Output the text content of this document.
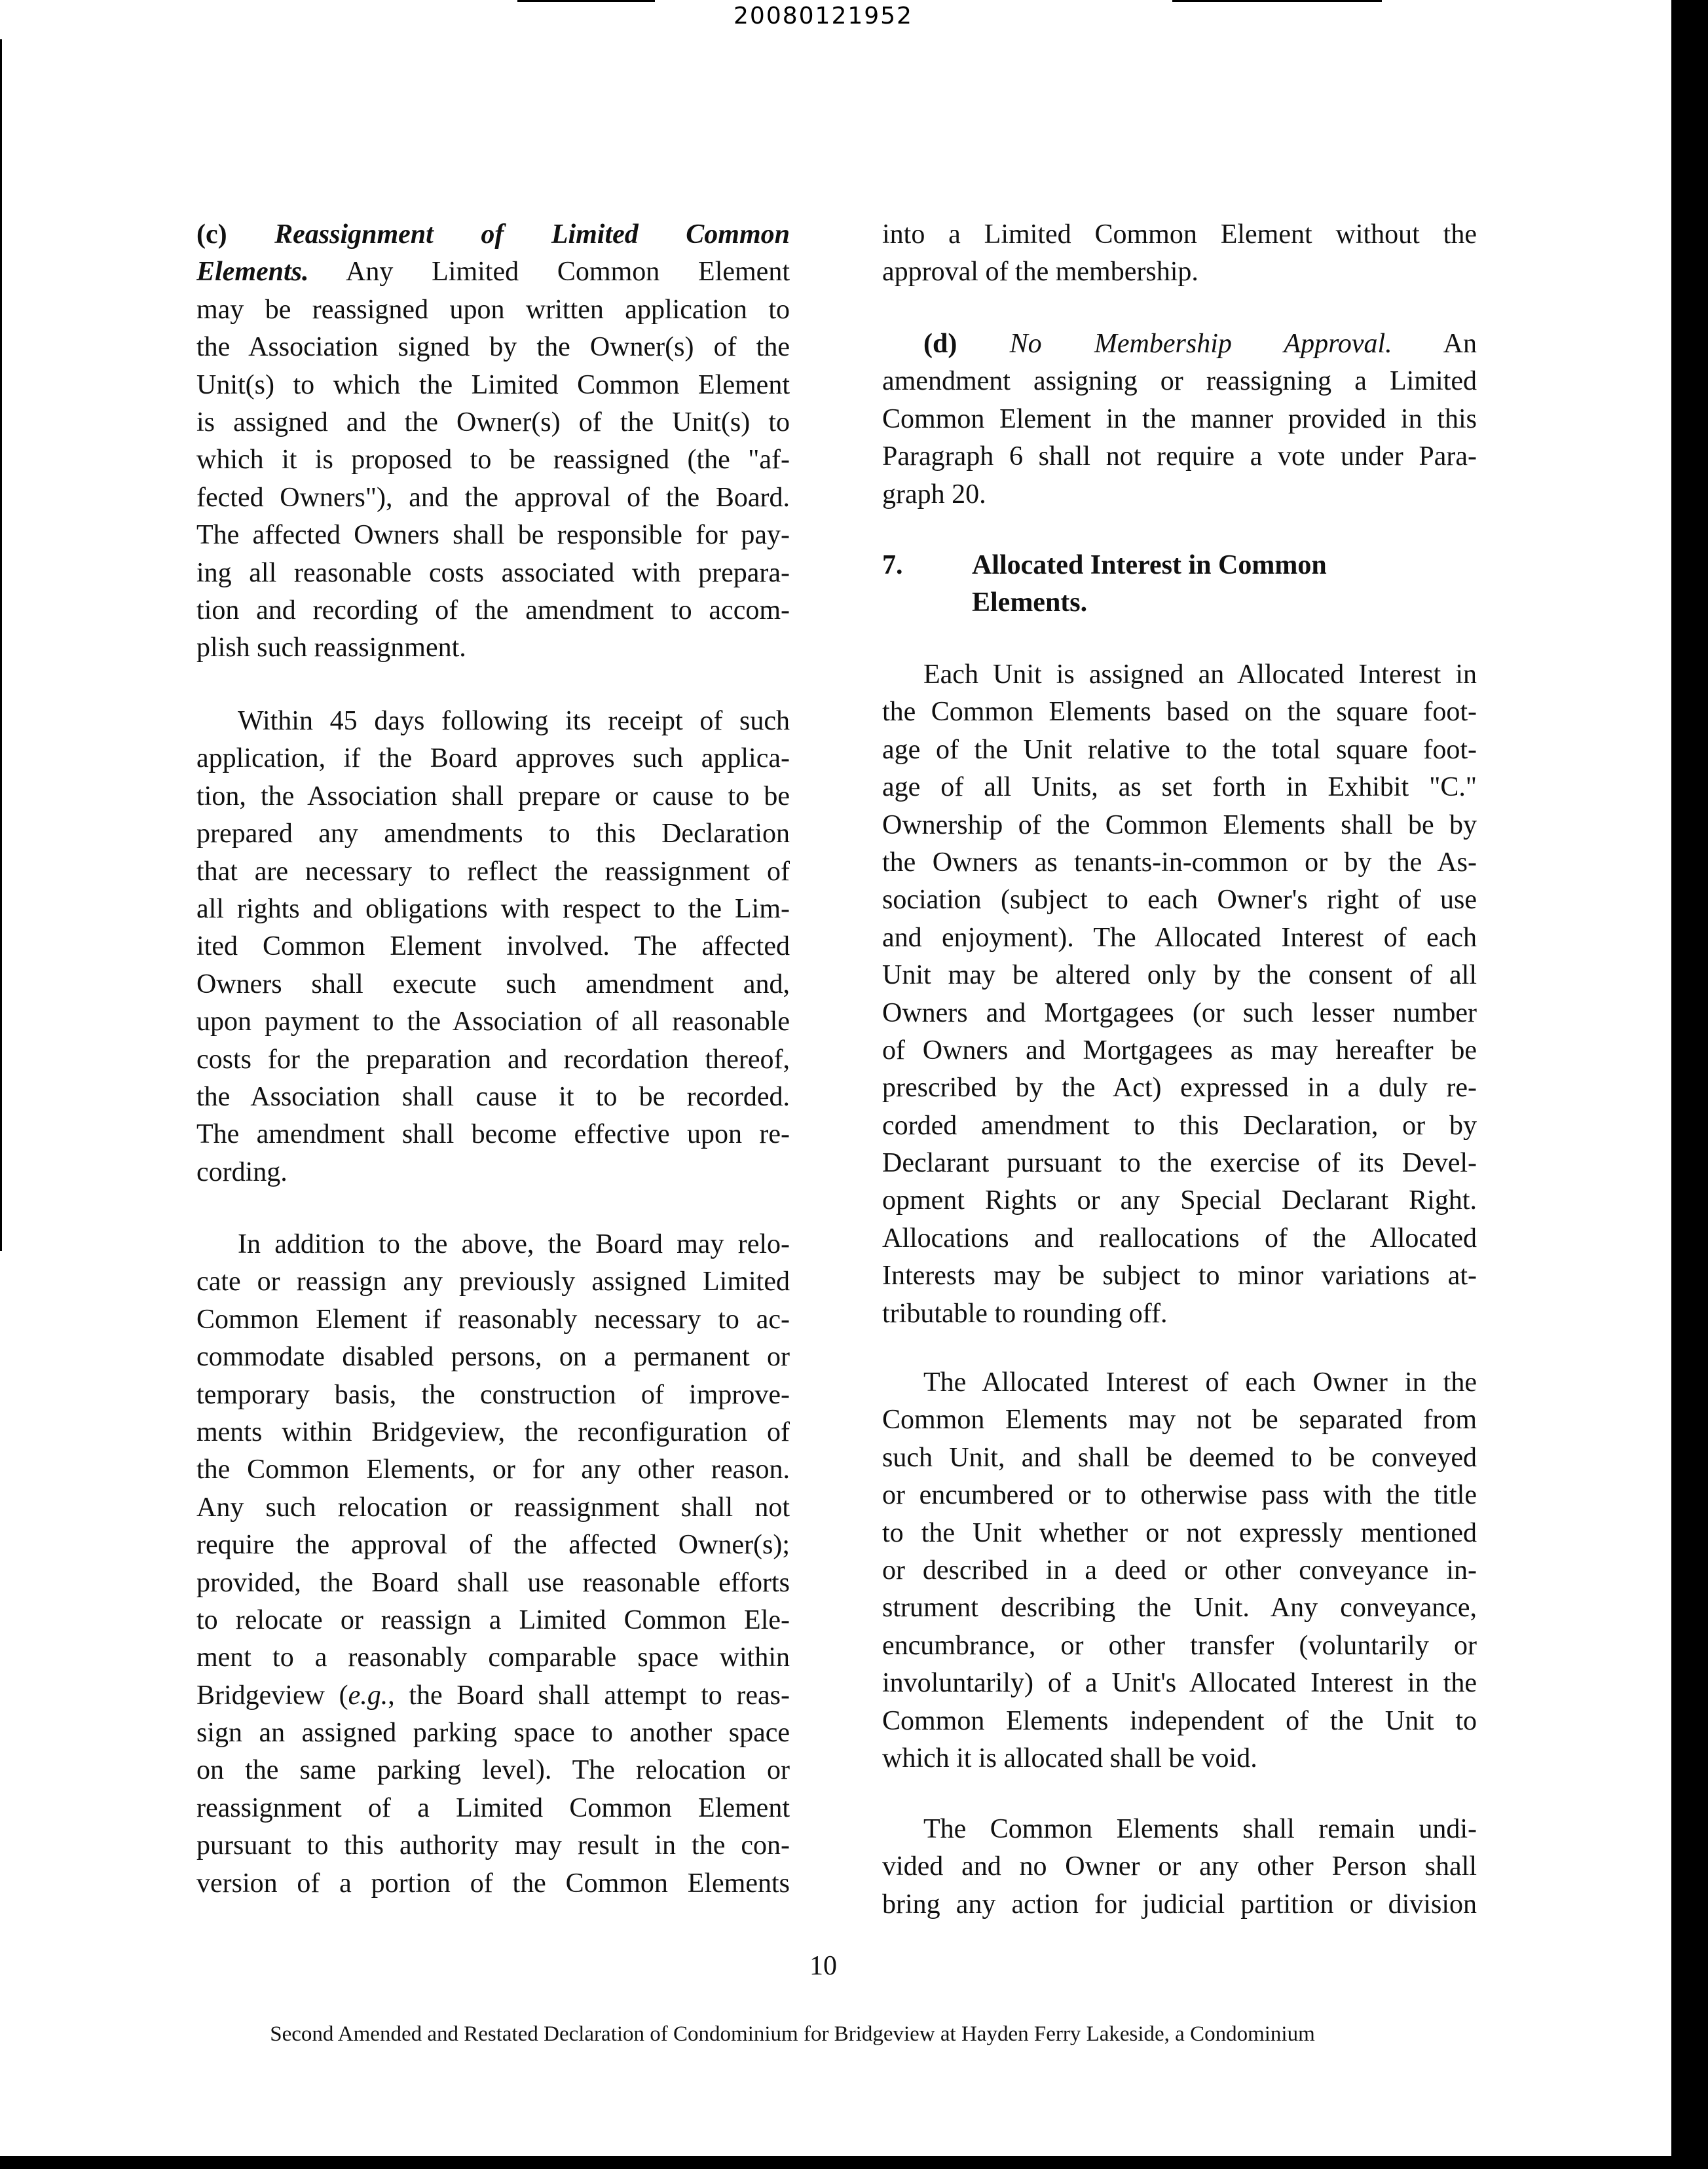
20080121952
(c) Reassignment of Limited Common
Elements. Any Limited Common Element
may be reassigned upon written application to
the Association signed by the Owner(s) of the
Unit(s) to which the Limited Common Element
is assigned and the Owner(s) of the Unit(s) to
which it is proposed to be reassigned (the "af-
fected Owners"), and the approval of the Board.
The affected Owners shall be responsible for pay-
ing all reasonable costs associated with prepara-
tion and recording of the amendment to accom-
plish such reassignment.
Within 45 days following its receipt of such
application, if the Board approves such applica-
tion, the Association shall prepare or cause to be
prepared any amendments to this Declaration
that are necessary to reflect the reassignment of
all rights and obligations with respect to the Lim-
ited Common Element involved. The affected
Owners shall execute such amendment and,
upon payment to the Association of all reasonable
costs for the preparation and recordation thereof,
the Association shall cause it to be recorded.
The amendment shall become effective upon re-
cording.
In addition to the above, the Board may relo-
cate or reassign any previously assigned Limited
Common Element if reasonably necessary to ac-
commodate disabled persons, on a permanent or
temporary basis, the construction of improve-
ments within Bridgeview, the reconfiguration of
the Common Elements, or for any other reason.
Any such relocation or reassignment shall not
require the approval of the affected Owner(s);
provided, the Board shall use reasonable efforts
to relocate or reassign a Limited Common Ele-
ment to a reasonably comparable space within
Bridgeview (e.g., the Board shall attempt to reas-
sign an assigned parking space to another space
on the same parking level). The relocation or
reassignment of a Limited Common Element
pursuant to this authority may result in the con-
version of a portion of the Common Elements
into a Limited Common Element without the
approval of the membership.
(d) No Membership Approval. An
amendment assigning or reassigning a Limited
Common Element in the manner provided in this
Paragraph 6 shall not require a vote under Para-
graph 20.
Each Unit is assigned an Allocated Interest in
the Common Elements based on the square foot-
age of the Unit relative to the total square foot-
age of all Units, as set forth in Exhibit "C."
Ownership of the Common Elements shall be by
the Owners as tenants-in-common or by the As-
sociation (subject to each Owner's right of use
and enjoyment). The Allocated Interest of each
Unit may be altered only by the consent of all
Owners and Mortgagees (or such lesser number
of Owners and Mortgagees as may hereafter be
prescribed by the Act) expressed in a duly re-
corded amendment to this Declaration, or by
Declarant pursuant to the exercise of its Devel-
opment Rights or any Special Declarant Right.
Allocations and reallocations of the Allocated
Interests may be subject to minor variations at-
tributable to rounding off.
The Allocated Interest of each Owner in the
Common Elements may not be separated from
such Unit, and shall be deemed to be conveyed
or encumbered or to otherwise pass with the title
to the Unit whether or not expressly mentioned
or described in a deed or other conveyance in-
strument describing the Unit. Any conveyance,
encumbrance, or other transfer (voluntarily or
involuntarily) of a Unit's Allocated Interest in the
Common Elements independent of the Unit to
which it is allocated shall be void.
The Common Elements shall remain undi-
vided and no Owner or any other Person shall
bring any action for judicial partition or division
7.	Allocated Interest in Common
Elements.
10
Second Amended and Restated Declaration of Condominium for Bridgeview at Hayden Ferry Lakeside, a Condominium
